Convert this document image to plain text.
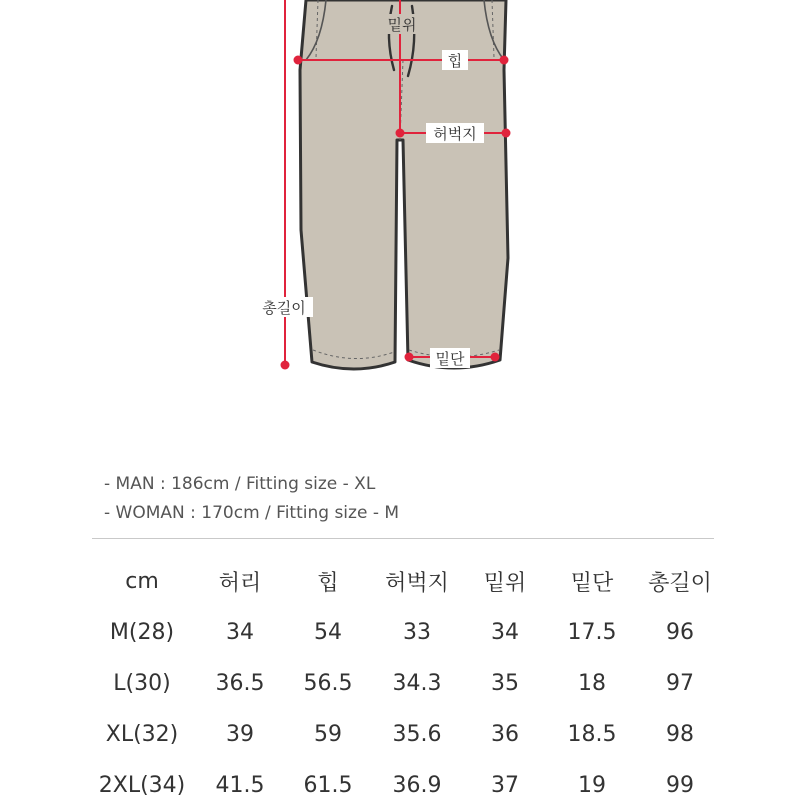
밑위
힙
허벅지
총길이
밑단
- MAN : 186cm / Fitting size - XL
- WOMAN : 170cm / Fitting size - M
cm	허리	힙	허벅지	밑위	밑단	총길이
M(28)	34	54	33	34	17.5	96
L(30)	36.5	56.5	34.3	35	18	97
XL(32)	39	59	35.6	36	18.5	98
2XL(34)	41.5	61.5	36.9	37	19	99
